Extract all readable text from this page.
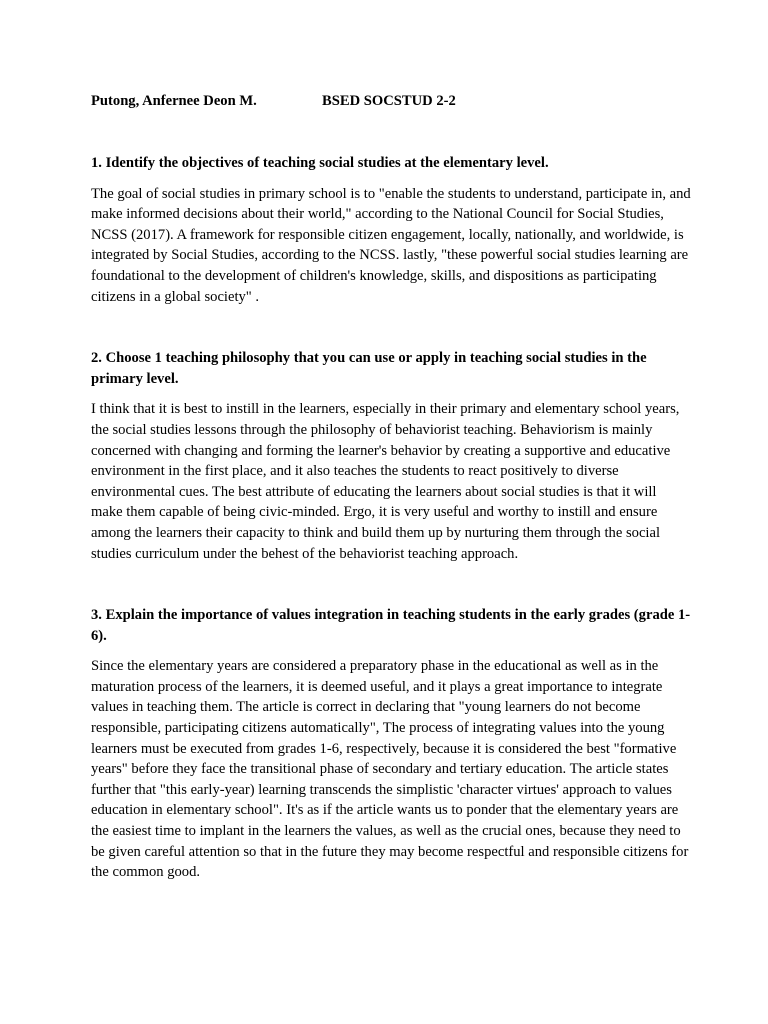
Putong, Anfernee Deon M.	BSED SOCSTUD 2-2

1. Identify the objectives of teaching social studies at the elementary level.

The goal of social studies in primary school is to "enable the students to understand, participate in, and make informed decisions about their world," according to the National Council for Social Studies, NCSS (2017). A framework for responsible citizen engagement, locally, nationally, and worldwide, is integrated by Social Studies, according to the NCSS. lastly, "these powerful social studies learning are foundational to the development of children's knowledge, skills, and dispositions as participating citizens in a global society" .

2. Choose 1 teaching philosophy that you can use or apply in teaching social studies in the primary level.

I think that it is best to instill in the learners, especially in their primary and elementary school years, the social studies lessons through the philosophy of behaviorist teaching. Behaviorism is mainly concerned with changing and forming the learner's behavior by creating a supportive and educative environment in the first place, and it also teaches the students to react positively to diverse environmental cues. The best attribute of educating the learners about social studies is that it will make them capable of being civic-minded. Ergo, it is very useful and worthy to instill and ensure among the learners their capacity to think and build them up by nurturing them through the social studies curriculum under the behest of the behaviorist teaching approach.

3. Explain the importance of values integration in teaching students in the early grades (grade 1-6).

Since the elementary years are considered a preparatory phase in the educational as well as in the maturation process of the learners, it is deemed useful, and it plays a great importance to integrate values in teaching them. The article is correct in declaring that "young learners do not become responsible, participating citizens automatically", The process of integrating values into the young learners must be executed from grades 1-6, respectively, because it is considered the best "formative years" before they face the transitional phase of secondary and tertiary education. The article states further that "this early-year) learning transcends the simplistic 'character virtues' approach to values education in elementary school". It's as if the article wants us to ponder that the elementary years are the easiest time to implant in the learners the values, as well as the crucial ones, because they need to be given careful attention so that in the future they may become respectful and responsible citizens for the common good.
